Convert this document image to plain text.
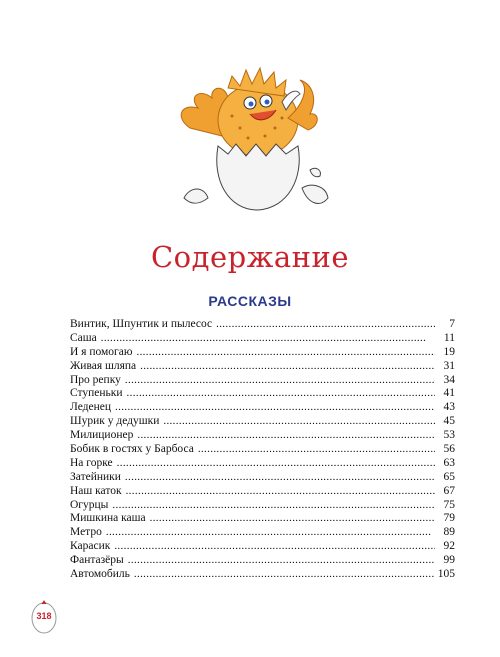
Содержание
РАССКАЗЫ
Винтик, Шпунтик и пылесос . . .	7
Саша . . .	11
И я помогаю . . .	19
Живая шляпа . . .	31
Про репку . . .	34
Ступеньки . . .	41
Леденец . . .	43
Шурик у дедушки . . .	45
Милиционер . . .	53
Бобик в гостях у Барбоса . . .	56
На горке . . .	63
Затейники . . .	65
Наш каток . . .	67
Огурцы . . .	75
Мишкина каша . . .	79
Метро . . .	89
Карасик . . .	92
Фантазёры . . .	99
Автомобиль . . .	105
318
